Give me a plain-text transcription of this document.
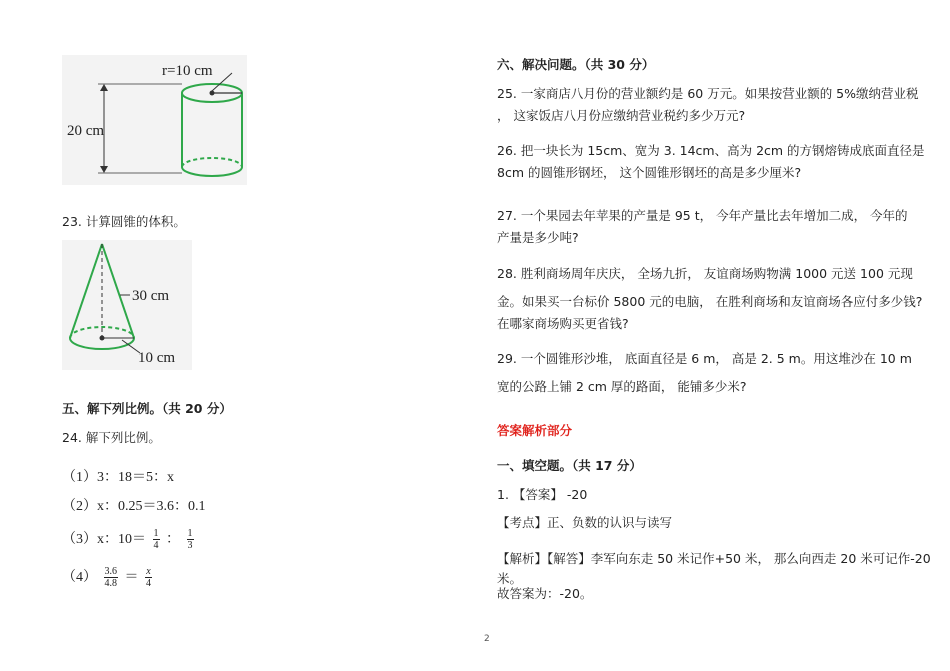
20 cm
r=10 cm
30 cm
10 cm
23. 计算圆锥的体积。
五、解下列比例。（共 20 分）
24. 解下列比例。
（1）3：18＝5：x
（2）x：0.25＝3.6：0.1
（3）x：$10= \frac{1}{4}$ ： $\frac{1}{3}$
$(4) \frac{3.6}{4.8} = \frac{x}{4}$
六、解决问题。（共 30 分）
25. 一家商店八月份的营业额约是 60 万元。如果按营业额的 5%缴纳营业税
， 这家饭店八月份应缴纳营业税约多少万元?
26. 把一块长为 15cm、宽为 3. 14cm、高为 2cm 的方钢熔铸成底面直径是
8cm 的圆锥形钢坯， 这个圆锥形钢坯的高是多少厘米?
27. 一个果园去年苹果的产量是 95 t， 今年产量比去年增加二成， 今年的
产量是多少吨?
28. 胜利商场周年庆庆， 全场九折， 友谊商场购物满 1000 元送 100 元现
金。如果买一台标价 5800 元的电脑， 在胜利商场和友谊商场各应付多少钱?
在哪家商场购买更省钱?
29. 一个圆锥形沙堆， 底面直径是 6 m， 高是 2. 5 m。用这堆沙在 10 m
宽的公路上铺 2 cm 厚的路面， 能铺多少米?
答案解析部分
一、填空题。（共 17 分）
1. 【答案】 -20
【考点】正、负数的认识与读写
【解析】【解答】李军向东走 50 米记作+50 米， 那么向西走 20 米可记作-20
米。
故答案为：-20。
2
